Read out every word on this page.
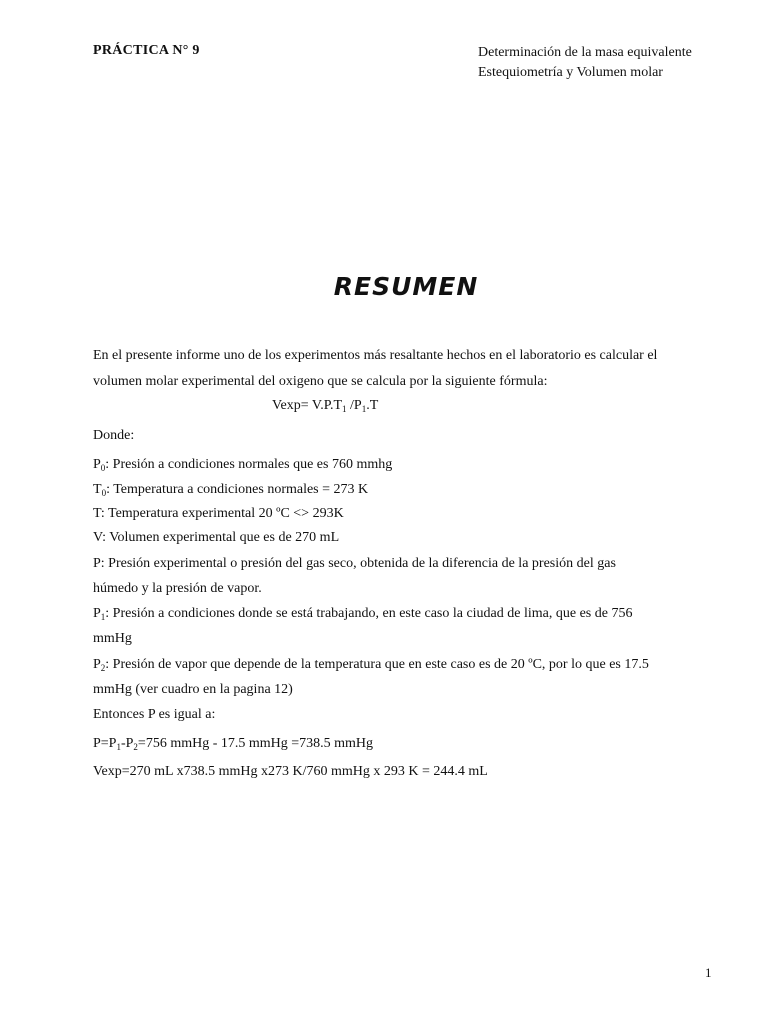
PRÁCTICA N° 9	Determinación de la masa equivalente
Estequiometría y Volumen molar
RESUMEN
En el presente informe uno de los experimentos más resaltante hechos en el laboratorio es calcular el
volumen molar experimental del oxigeno que se calcula por la siguiente fórmula:
$Vexp= V.P.T_1$ $/P_1.T$
Donde:
$P_0$: Presión a condiciones normales que es 760 mmhg
$T_0$: Temperatura a condiciones normales = 273 K
T: Temperatura experimental 20 ºC <> 293K
V: Volumen experimental que es de 270 mL
P: Presión experimental o presión del gas seco, obtenida de la diferencia de la presión del gas
húmedo y la presión de vapor.
$P_1$: Presión a condiciones donde se está trabajando, en este caso la ciudad de lima, que es de 756
mmHg
$P_2$: Presión de vapor que depende de la temperatura que en este caso es de 20 ºC, por lo que es 17.5
mmHg (ver cuadro en la pagina 12)
Entonces P es igual a:
$P=P_1-P_2=756$ mmHg - 17.5 mmHg =738.5 mmHg
Vexp=270 mL x738.5 mmHg x273 K/760 mmHg x 293 K = 244.4 mL
1
